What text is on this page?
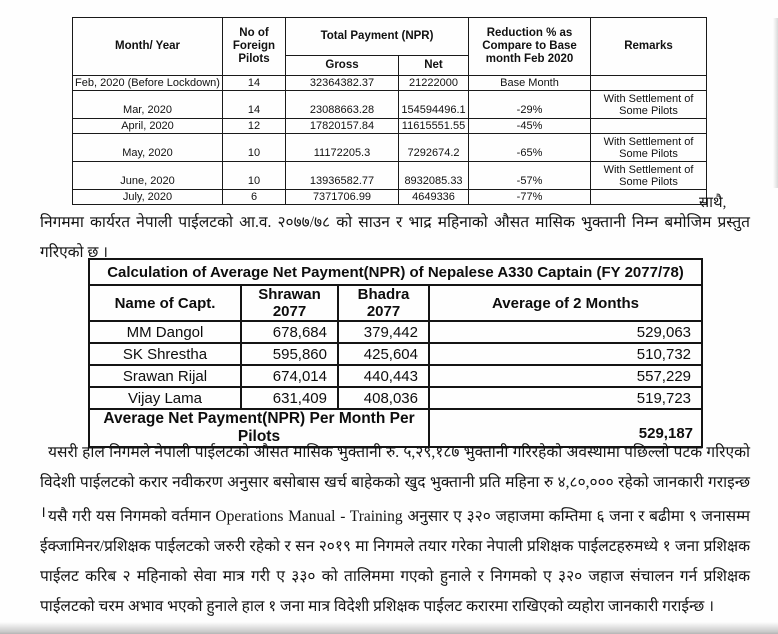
Month/ Year	No of Foreign Pilots	Total Payment (NPR)		Reduction % as Compare to Base month Feb 2020	Remarks
		Gross	Net		
Feb, 2020 (Before Lockdown)	14	32364382.37	21222000	Base Month	
Mar, 2020	14	23088663.28	154594496.1	-29%	With Settlement of Some Pilots
April, 2020	12	17820157.84	11615551.55	-45%	
May, 2020	10	11172205.3	7292674.2	-65%	With Settlement of Some Pilots
June, 2020	10	13936582.77	8932085.33	-57%	With Settlement of Some Pilots
July, 2020	6	7371706.99	4649336	-77%		साथै,

निगममा कार्यरत नेपाली पाईलटको आ.व. २०७७/७८ को साउन र भाद्र महिनाको औसत मासिक भुक्तानी निम्न बमोजिम प्रस्तुत गरिएको छ ।

Calculation of Average Net Payment(NPR) of Nepalese A330 Captain (FY 2077/78)			
Name of Capt.	Shrawan 2077	Bhadra 2077	Average of 2 Months
MM Dangol	678,684	379,442	529,063
SK Shrestha	595,860	425,604	510,732
Srawan Rijal	674,014	440,443	557,229
Vijay Lama	631,409	408,036	519,723
Average Net Payment(NPR) Per Month Per Pilots			529,187

यसरी हाल निगमले नेपाली पाईलटको औसत मासिक भुक्तानी रु. ५,२९,१८७ भुक्तानी गरिरहेको अवस्थामा पछिल्लो पटक गरिएको विदेशी पाईलटको करार नवीकरण अनुसार बसोबास खर्च बाहेकको खुद भुक्तानी प्रति महिना रु ४,८०,००० रहेको जानकारी गराइन्छ । यसै गरी यस निगमको वर्तमान Operations Manual - Training अनुसार ए ३२० जहाजमा कम्तिमा ६ जना र बढीमा ९ जनासम्म ईक्जामिनर/प्रशिक्षक पाईलटको जरुरी रहेको र सन २०१९ मा निगमले तयार गरेका नेपाली प्रशिक्षक पाईलटहरुमध्ये १ जना प्रशिक्षक पाईलट करिब २ महिनाको सेवा मात्र गरी ए ३३० को तालिममा गएको हुनाले र निगमको ए ३२० जहाज संचालन गर्न प्रशिक्षक पाईलटको चरम अभाव भएको हुनाले हाल १ जना मात्र विदेशी प्रशिक्षक पाईलट करारमा राखिएको व्यहोरा जानकारी गराईन्छ ।
